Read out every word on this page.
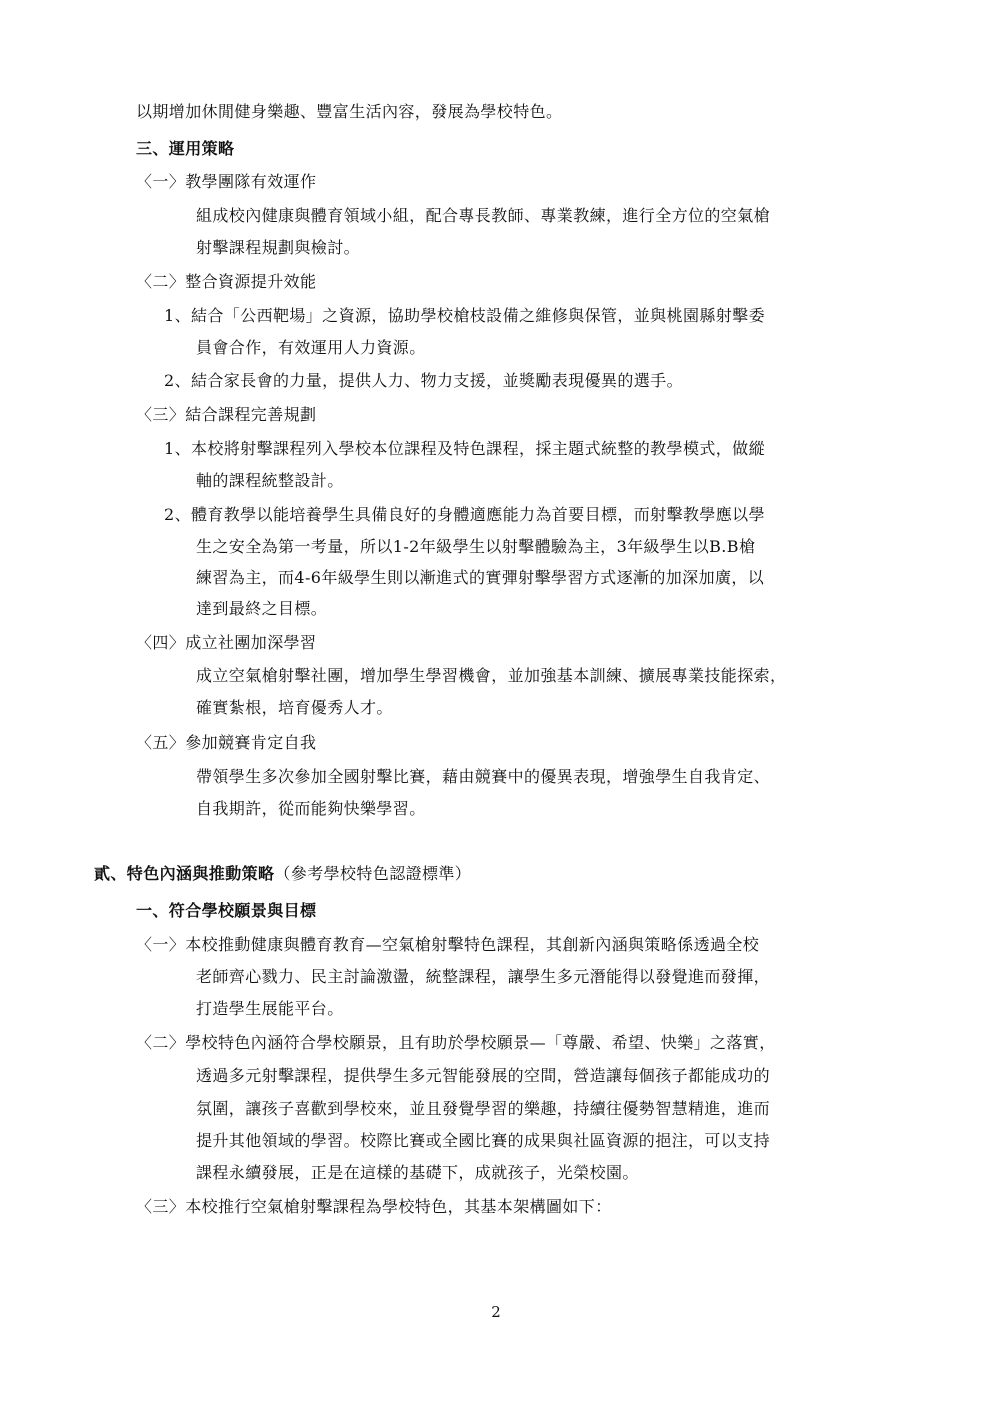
以期增加休閒健身樂趣、豐富生活內容，發展為學校特色。
三、運用策略
〈一〉教學團隊有效運作
組成校內健康與體育領域小組，配合專長教師、專業教練，進行全方位的空氣槍
射擊課程規劃與檢討。
〈二〉整合資源提升效能
1、結合「公西靶場」之資源，協助學校槍枝設備之維修與保管，並與桃園縣射擊委
員會合作，有效運用人力資源。
2、結合家長會的力量，提供人力、物力支援，並獎勵表現優異的選手。
〈三〉結合課程完善規劃
1、本校將射擊課程列入學校本位課程及特色課程，採主題式統整的教學模式，做縱
軸的課程統整設計。
2、體育教學以能培養學生具備良好的身體適應能力為首要目標，而射擊教學應以學
生之安全為第一考量，所以1-2年級學生以射擊體驗為主，3年級學生以B.B槍
練習為主，而4-6年級學生則以漸進式的實彈射擊學習方式逐漸的加深加廣，以
達到最終之目標。
〈四〉成立社團加深學習
成立空氣槍射擊社團，增加學生學習機會，並加強基本訓練、擴展專業技能探索，
確實紮根，培育優秀人才。
〈五〉參加競賽肯定自我
帶領學生多次參加全國射擊比賽，藉由競賽中的優異表現，增強學生自我肯定、
自我期許，從而能夠快樂學習。
貳、特色內涵與推動策略（參考學校特色認證標準）
一、符合學校願景與目標
〈一〉本校推動健康與體育教育—空氣槍射擊特色課程，其創新內涵與策略係透過全校
老師齊心戮力、民主討論激盪，統整課程，讓學生多元潛能得以發覺進而發揮，
打造學生展能平台。
〈二〉學校特色內涵符合學校願景，且有助於學校願景—「尊嚴、希望、快樂」之落實，
透過多元射擊課程，提供學生多元智能發展的空間，營造讓每個孩子都能成功的
氛圍，讓孩子喜歡到學校來，並且發覺學習的樂趣，持續往優勢智慧精進，進而
提升其他領域的學習。校際比賽或全國比賽的成果與社區資源的挹注，可以支持
課程永續發展，正是在這樣的基礎下，成就孩子，光榮校園。
〈三〉本校推行空氣槍射擊課程為學校特色，其基本架構圖如下：
2
